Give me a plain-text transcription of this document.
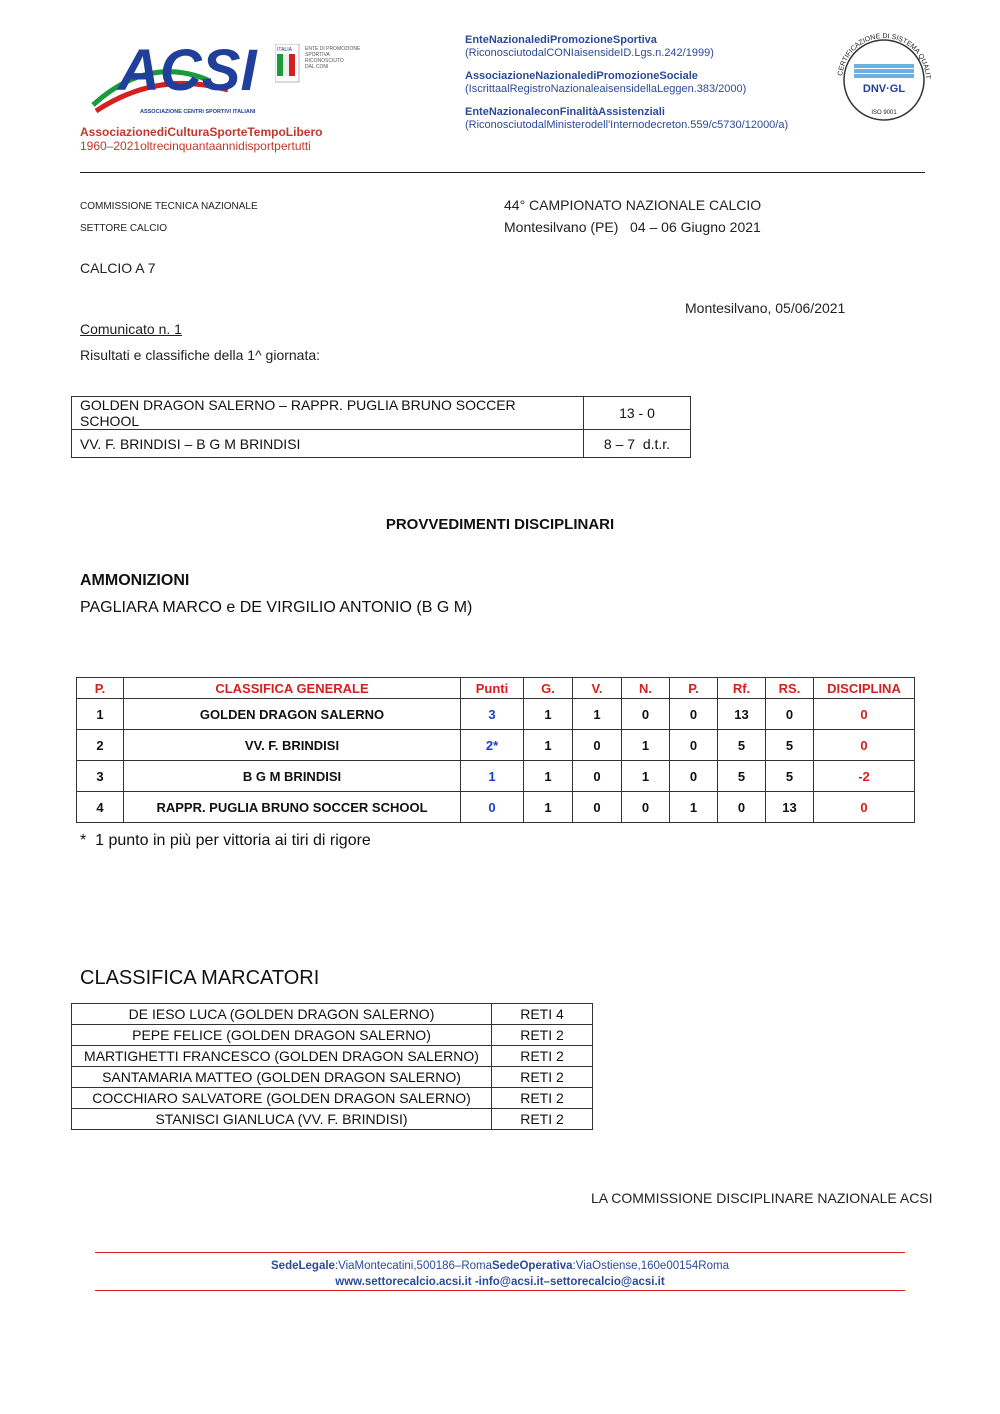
ACSI
ASSOCIAZIONE CENTRI SPORTIVI ITALIANI
ITALIA	ENTE DI PROMOZIONE
SPORTIVA
RICONOSCIUTO
DAL CONI
AssociazionediCulturaSporteTempoLibero
1960–2021oltrecinquantaannidisportpertutti
EnteNazionalediPromozioneSportiva
(RiconosciutodalCONIaisensideID.Lgs.n.242/1999)
AssociazioneNazionalediPromozioneSociale
(IscrittaalRegistroNazionaleaisensidellaLeggen.383/2000)
EnteNazionaleconFinalitàAssistenziali
(RiconosciutodalMinisterodell'Internodecreton.559/c5730/12000/a)
CERTIFICAZIONE DI SISTEMA QUALIT
DNV·GL
ISO 9001
COMMISSIONE TECNICA NAZIONALE
SETTORE CALCIO
44° CAMPIONATO NAZIONALE CALCIO
Montesilvano (PE)   04 – 06 Giugno 2021
CALCIO A 7
Montesilvano, 05/06/2021
Comunicato n. 1
Risultati e classifiche della 1^ giornata:
GOLDEN DRAGON SALERNO – RAPPR. PUGLIA BRUNO SOCCER SCHOOL	13 - 0
VV. F. BRINDISI – B G M BRINDISI	8 – 7  d.t.r.
PROVVEDIMENTI DISCIPLINARI
AMMONIZIONI
PAGLIARA MARCO e DE VIRGILIO ANTONIO (B G M)
P.	CLASSIFICA GENERALE	Punti	G.	V.	N.	P.	Rf.	RS.	DISCIPLINA
1	GOLDEN DRAGON SALERNO	3	1	1	0	0	13	0	0
2	VV. F. BRINDISI	2*	1	0	1	0	5	5	0
3	B G M BRINDISI	1	1	0	1	0	5	5	-2
4	RAPPR. PUGLIA BRUNO SOCCER SCHOOL	0	1	0	0	1	0	13	0
*  1 punto in più per vittoria ai tiri di rigore
CLASSIFICA MARCATORI
DE IESO LUCA (GOLDEN DRAGON SALERNO)	RETI 4
PEPE FELICE (GOLDEN DRAGON SALERNO)	RETI 2
MARTIGHETTI FRANCESCO (GOLDEN DRAGON SALERNO)	RETI 2
SANTAMARIA MATTEO (GOLDEN DRAGON SALERNO)	RETI 2
COCCHIARO SALVATORE (GOLDEN DRAGON SALERNO)	RETI 2
STANISCI GIANLUCA (VV. F. BRINDISI)	RETI 2
LA COMMISSIONE DISCIPLINARE NAZIONALE ACSI
SedeLegale:ViaMontecatini,500186–RomaSedeOperativa:ViaOstiense,160e00154Roma
www.settorecalcio.acsi.it -info@acsi.it–settorecalcio@acsi.it
